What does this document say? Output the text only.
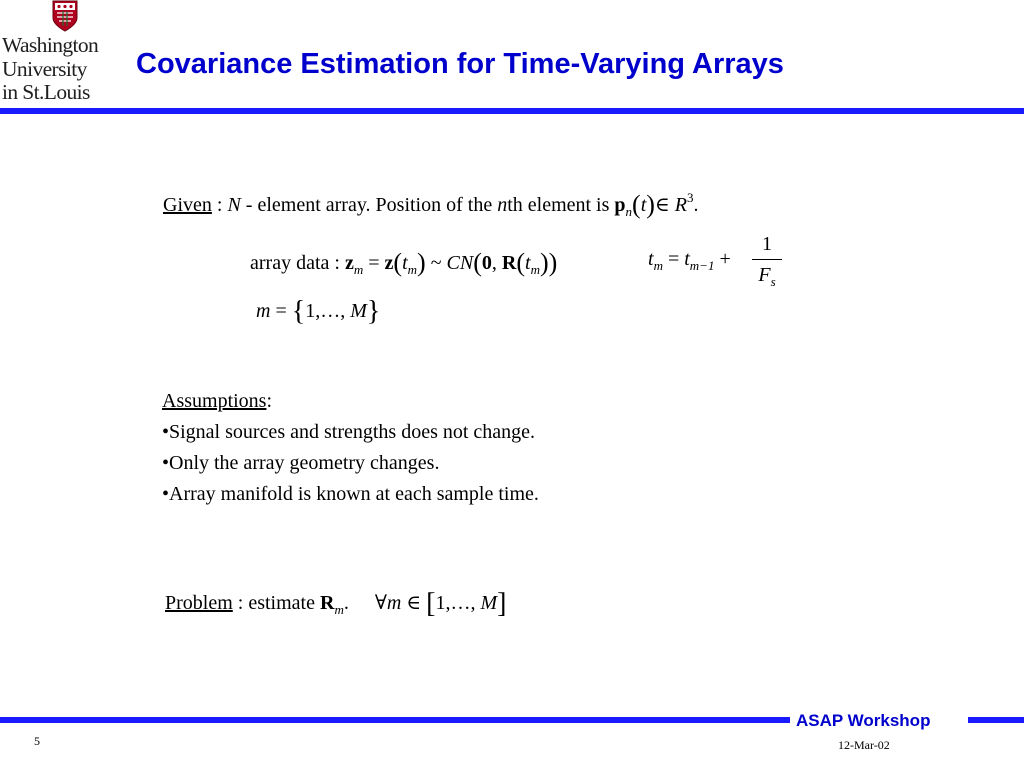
Washington
University
in St.Louis
Covariance Estimation for Time-Varying Arrays
Given : N - element array. Position of the nth element is $p_n(t)\in$ $R^3$.
array data : $z_m = z(t_m)$ ~ CN(0, $R(t_m)$)	$t_m = t_{m-1}$ +
1
$F_s$
m = {1,…, M}
Assumptions:
•Signal sources and strengths does not change.
•Only the array geometry changes.
•Array manifold is known at each sample time.
Problem : estimate $R_m$. ∀m ∈ [1,…, M]
ASAP Workshop
5	12-Mar-02
